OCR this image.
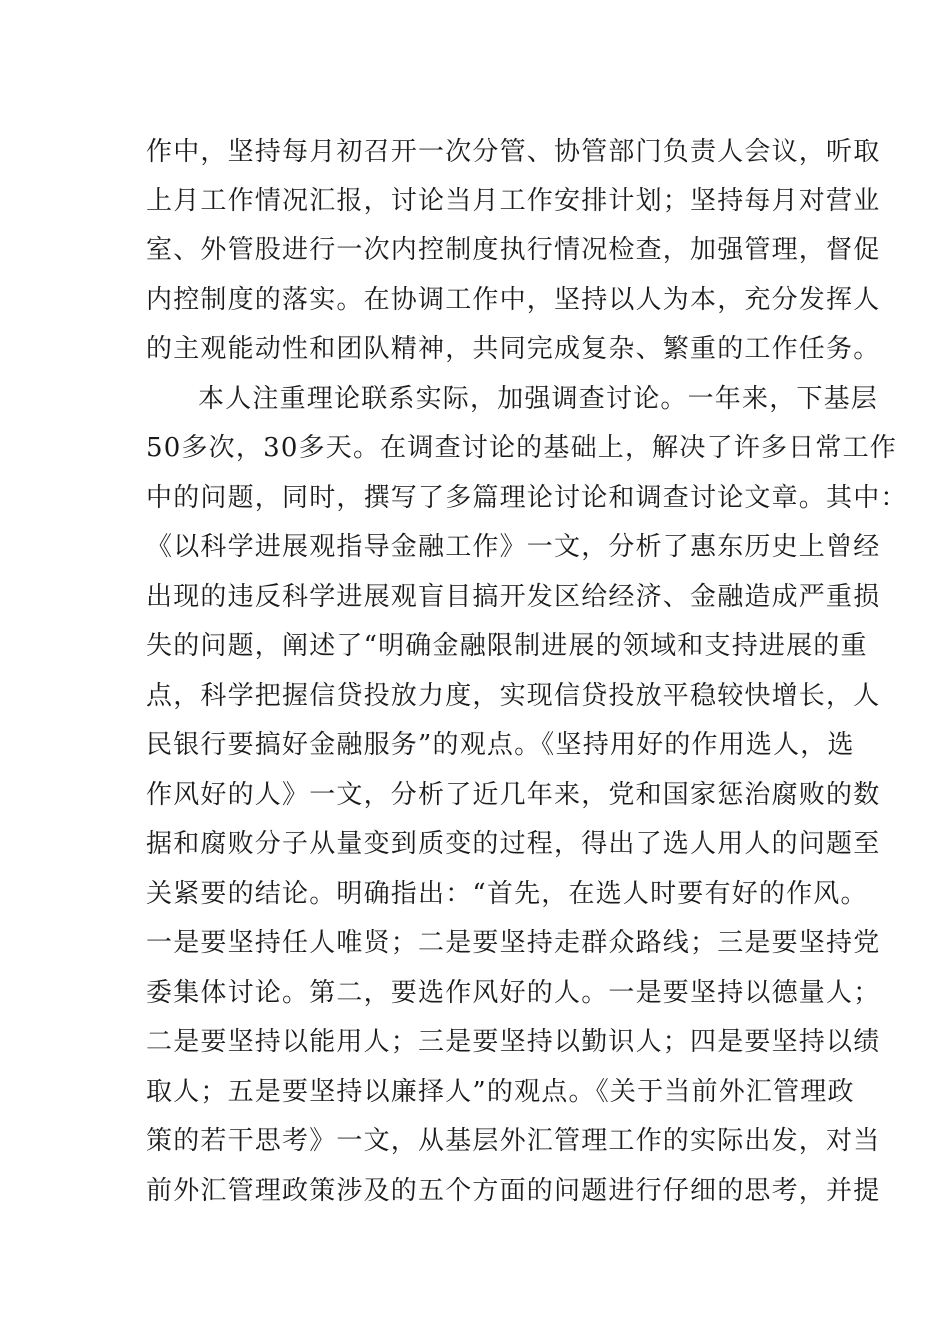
作中，坚持每月初召开一次分管、协管部门负责人会议，听取
上月工作情况汇报，讨论当月工作安排计划；坚持每月对营业
室、外管股进行一次内控制度执行情况检查，加强管理，督促
内控制度的落实。在协调工作中，坚持以人为本，充分发挥人
的主观能动性和团队精神，共同完成复杂、繁重的工作任务。
本人注重理论联系实际，加强调查讨论。一年来，下基层
50多次，30多天。在调查讨论的基础上，解决了许多日常工作
中的问题，同时，撰写了多篇理论讨论和调查讨论文章。其中：
《以科学进展观指导金融工作》一文，分析了惠东历史上曾经
出现的违反科学进展观盲目搞开发区给经济、金融造成严重损
失的问题，阐述了“明确金融限制进展的领域和支持进展的重
点，科学把握信贷投放力度，实现信贷投放平稳较快增长，人
民银行要搞好金融服务”的观点。《坚持用好的作用选人，选
作风好的人》一文，分析了近几年来，党和国家惩治腐败的数
据和腐败分子从量变到质变的过程，得出了选人用人的问题至
关紧要的结论。明确指出：“首先，在选人时要有好的作风。
一是要坚持任人唯贤；二是要坚持走群众路线；三是要坚持党
委集体讨论。第二，要选作风好的人。一是要坚持以德量人；
二是要坚持以能用人；三是要坚持以勤识人；四是要坚持以绩
取人；五是要坚持以廉择人”的观点。《关于当前外汇管理政
策的若干思考》一文，从基层外汇管理工作的实际出发，对当
前外汇管理政策涉及的五个方面的问题进行仔细的思考，并提
